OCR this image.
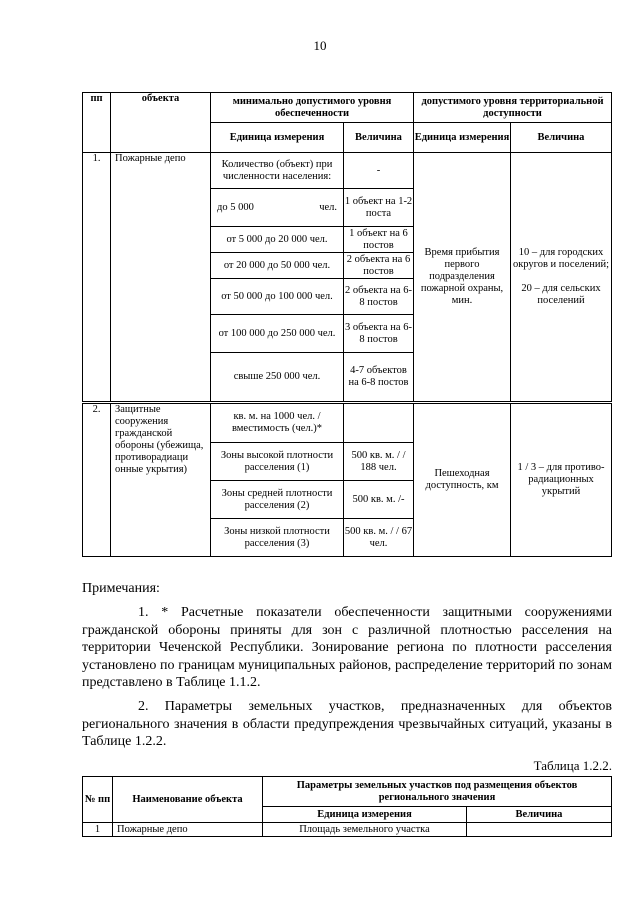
10
пп	объекта	минимально допустимого уровня обеспеченности		допустимого уровня территориальной доступности	
		Единица измерения	Величина	Единица измерения	Величина
1.	Пожарные депо	Количество (объект) при численности населения:	-	Время прибытия первого подразделения пожарной охраны, мин.	10 – для городских округов и поселений;
20 – для сельских поселений

		до 5 000 чел.	1 объект на 1-2 поста		
		от 5 000 до 20 000 чел.	1 объект на 6 постов		
		от 20 000 до 50 000 чел.	2 объекта на 6 постов		
		от 50 000 до 100 000 чел.	2 объекта на 6-8 постов		
		от 100 000 до 250 000 чел.	3 объекта на 6-8 постов		
		свыше 250 000 чел.	4-7 объектов на 6-8 постов		
2.	Защитные сооружения гражданской обороны (убежища, противорадиаци онные укрытия)	кв. м. на 1000 чел. / вместимость (чел.)*		Пешеходная доступность, км	1 / 3 – для противо-радиационных укрытий
		Зоны высокой плотности расселения (1)	500 кв. м. / / 188 чел.		
		Зоны средней плотности расселения (2)	500 кв. м. /-		
		Зоны низкой плотности расселения (3)	500 кв. м. / / 67 чел.		
Примечания:
1. * Расчетные показатели обеспеченности защитными сооружениями гражданской обороны приняты для зон с различной плотностью расселения на территории Чеченской Республики. Зонирование региона по плотности расселения установлено по границам муниципальных районов, распределение территорий по зонам представлено в Таблице 1.1.2.
2. Параметры земельных участков, предназначенных для объектов регионального значения в области предупреждения чрезвычайных ситуаций, указаны в Таблице 1.2.2.
Таблица 1.2.2.
№ пп	Наименование объекта	Параметры земельных участков под размещения объектов регионального значения	
		Единица измерения	Величина
1	Пожарные депо	Площадь земельного участка	
